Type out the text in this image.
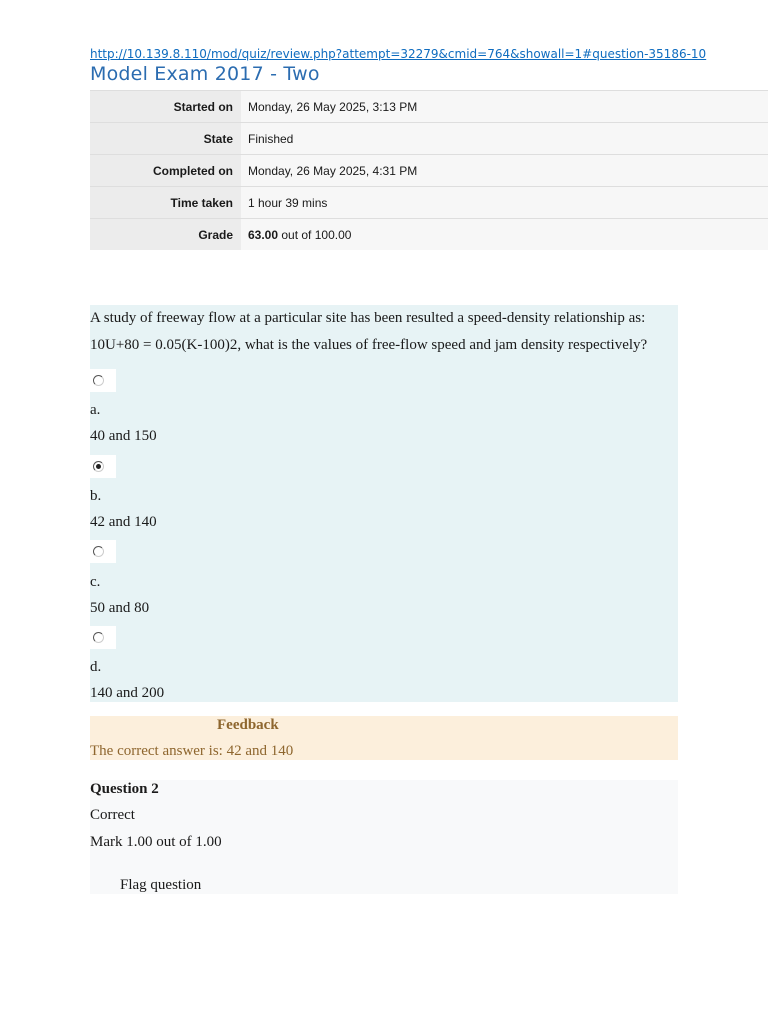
http://10.139.8.110/mod/quiz/review.php?attempt=32279&cmid=764&showall=1#question-35186-10
Model Exam 2017 - Two
Started on	Monday, 26 May 2025, 3:13 PM
State	Finished
Completed on	Monday, 26 May 2025, 4:31 PM
Time taken	1 hour 39 mins
Grade	63.00 out of 100.00

A study of freeway flow at a particular site has been resulted a speed-density relationship as:
10U+80 = 0.05(K-100)2, what is the values of free-flow speed and jam density respectively?

a.
40 and 150
b.
42 and 140
c.
50 and 80
d.
140 and 200
Feedback
The correct answer is: 42 and 140
Question 2
Correct
Mark 1.00 out of 1.00
Flag question
